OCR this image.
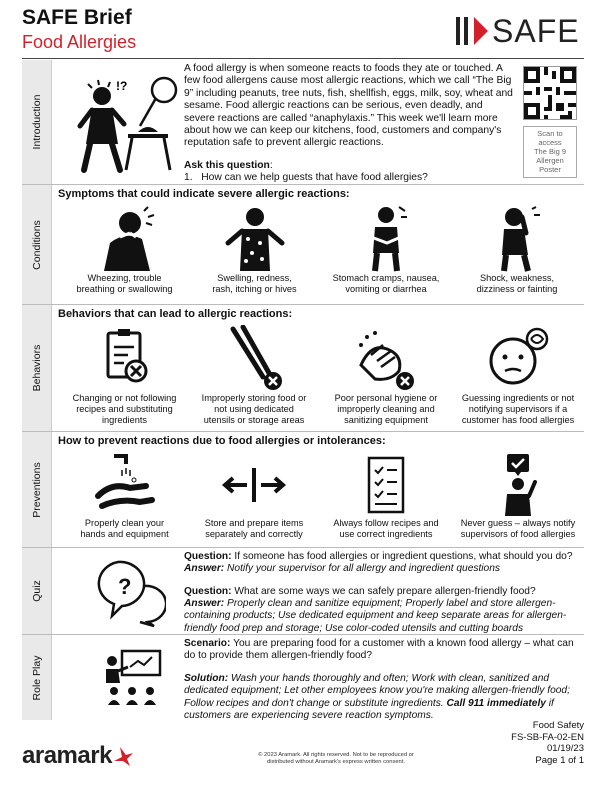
SAFE Brief
Food Allergies	SAFE
Introduction
!?
A food allergy is when someone reacts to foods they ate or touched. A few food allergens cause most allergic reactions, which we call “The Big 9” including peanuts, tree nuts, fish, shellfish, eggs, milk, soy, wheat and sesame. Food allergic reactions can be serious, even deadly, and severe reactions are called “anaphylaxis.” This week we'll learn more about how we can keep our kitchens, food, customers and company's reputation safe to prevent allergic reactions.
Ask this question:
1. How can we help guests that have food allergies?
Scan to
access
The Big 9
Allergen
Poster
Conditions
Symptoms that could indicate severe allergic reactions:
Wheezing, trouble
breathing or swallowing
Swelling, redness,
rash, itching or hives
Stomach cramps, nausea,
vomiting or diarrhea
Shock, weakness,
dizziness or fainting
Behaviors
Behaviors that can lead to allergic reactions:
Changing or not following
recipes and substituting
ingredients
Improperly storing food or
not using dedicated
utensils or storage areas
Poor personal hygiene or
improperly cleaning and
sanitizing equipment
Guessing ingredients or not
notifying supervisors if a
customer has food allergies
Preventions
How to prevent reactions due to food allergies or intolerances:
Properly clean your
hands and equipment
Store and prepare items
separately and correctly
Always follow recipes and
use correct ingredients
Never guess – always notify
supervisors of food allergies
Quiz	?
Question: If someone has food allergies or ingredient questions, what should you do?
Answer: Notify your supervisor for all allergy and ingredient questions
Question: What are some ways we can safely prepare allergen-friendly food?
Answer: Properly clean and sanitize equipment; Properly label and store allergen-containing products; Use dedicated equipment and keep separate areas for allergen-friendly food prep and storage; Use color-coded utensils and cutting boards
Role Play
Scenario: You are preparing food for a customer with a known food allergy – what can do to provide them allergen-friendly food?
Solution: Wash your hands thoroughly and often; Work with clean, sanitized and dedicated equipment; Let other employees know you're making allergen-friendly food; Follow recipes and don't change or substitute ingredients. Call 911 immediately if customers are experiencing severe reaction symptoms.
aramark	© 2023 Aramark. All rights reserved. Not to be reproduced or
distributed without Aramark's express written consent.
Food Safety
FS-SB-FA-02-EN
01/19/23
Page 1 of 1
